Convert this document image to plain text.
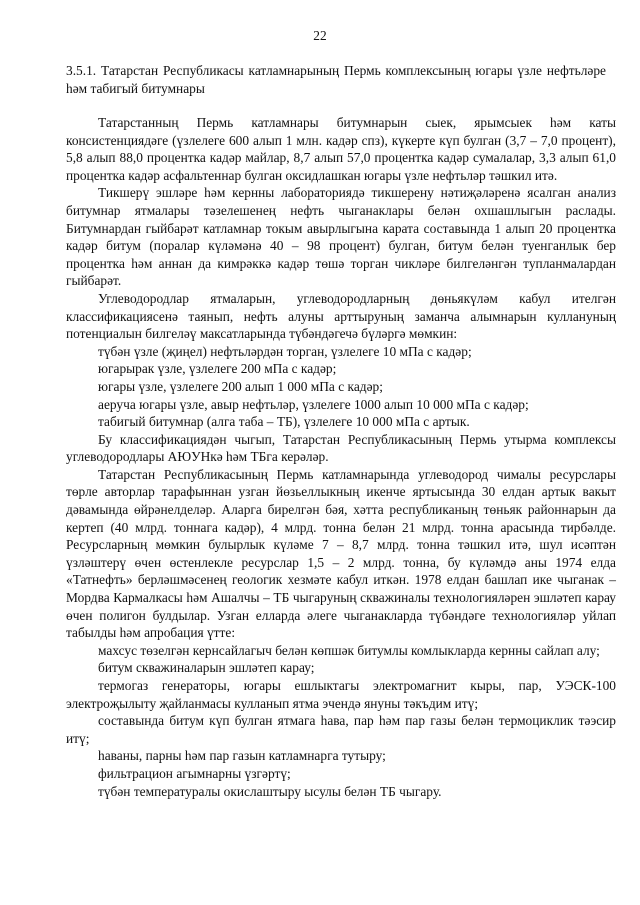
22
3.5.1. Татарстан Республикасы катламнарының Пермь комплексының югары үзле нефтьләре һәм табигый битумнары

Татарстанның Пермь катламнары битумнарын сыек, ярымсыек һәм каты консистенциядәге (үзлелеге 600 алып 1 млн. кадәр спз), күкерте күп булган (3,7 – 7,0 процент), 5,8 алып 88,0 процентка кадәр майлар, 8,7 алып 57,0 процентка кадәр сумалалар, 3,3 алып 61,0 процентка кадәр асфальтеннар булган оксидлашкан югары үзле нефтьләр тәшкил итә.

Тикшерү эшләре һәм кернны лабораториядә тикшерену нәтиҗәләренә ясалган анализ битумнар ятмалары тәзелешенең нефть чыганаклары белән охшашлыгын раслады. Битумнардан гыйбарәт катламнар токым авырлыгына карата составында 1 алып 20 процентка кадәр битум (поралар күләмәнә 40 – 98 процент) булган, битум белән туенганлык бер процентка һәм аннан да кимрәккә кадәр төшә торган чикләре билгеләнгән тупланмалардан гыйбарәт.

Углеводородлар ятмаларын, углеводородларның дөньякүләм кабул ителгән классификациясенә таянып, нефть алуны арттыруның заманча алымнарын куллануның потенциалын билгеләү максатларында түбәндәгечә бүләргә мөмкин:

түбән үзле (җиңел) нефтьләрдән торган, үзлелеге 10 мПа с кадәр;

югарырак үзле, үзлелеге 200 мПа с кадәр;

югары үзле, үзлелеге 200 алып 1 000 мПа с кадәр;

аеруча югары үзле, авыр нефтьләр, үзлелеге 1000 алып 10 000 мПа с кадәр;

табигый битумнар (алга таба – ТБ), үзлелеге 10 000 мПа с артык.

Бу классификациядән чыгып, Татарстан Республикасының Пермь утырма комплексы углеводородлары АЮУНкә һәм ТБга керәләр.

Татарстан Республикасының Пермь катламнарында углеводород чималы ресурслары төрле авторлар тарафыннан узган йөзьеллыкның икенче яртысында 30 елдан артык вакыт дәвамында өйрәнелделәр. Аларга бирелгән бәя, хәтта республиканың төньяк районнарын да кертеп (40 млрд. тоннага кадәр), 4 млрд. тонна белән 21 млрд. тонна арасында тирбәлде. Ресурсларның мөмкин булырлык күләме 7 – 8,7 млрд. тонна тәшкил итә, шул исәптән үзләштерү өчен өстенлекле ресурслар 1,5 – 2 млрд. тонна, бу күләмдә аны 1974 елда «Татнефть» берләшмәсенең геологик хезмәте кабул иткән. 1978 елдан башлап ике чыганак – Мордва Кармалкасы һәм Ашалчы – ТБ чыгаруның скважиналы технологияләрен эшләтеп карау өчен полигон булдылар. Узган елларда әлеге чыганакларда түбәндәге технологияләр уйлап табылды һәм апробация үтте:

махсус төзелгән кернсайлагыч белән көпшәк битумлы комлыкларда кернны сайлап алу;

битум скважиналарын эшләтеп карау;

термогаз генераторы, югары ешлыктагы электромагнит кыры, пар, УЭСК-100 электроҗылыту җайланмасы кулланып ятма эчендә януны тәкъдим итү;

составында битум күп булган ятмага һава, пар һәм пар газы белән термоциклик тәэсир итү;

һаваны, парны һәм пар газын катламнарга тутыру;

фильтрацион агымнарны үзгәртү;

түбән температуралы окислаштыру ысулы белән ТБ чыгару.
